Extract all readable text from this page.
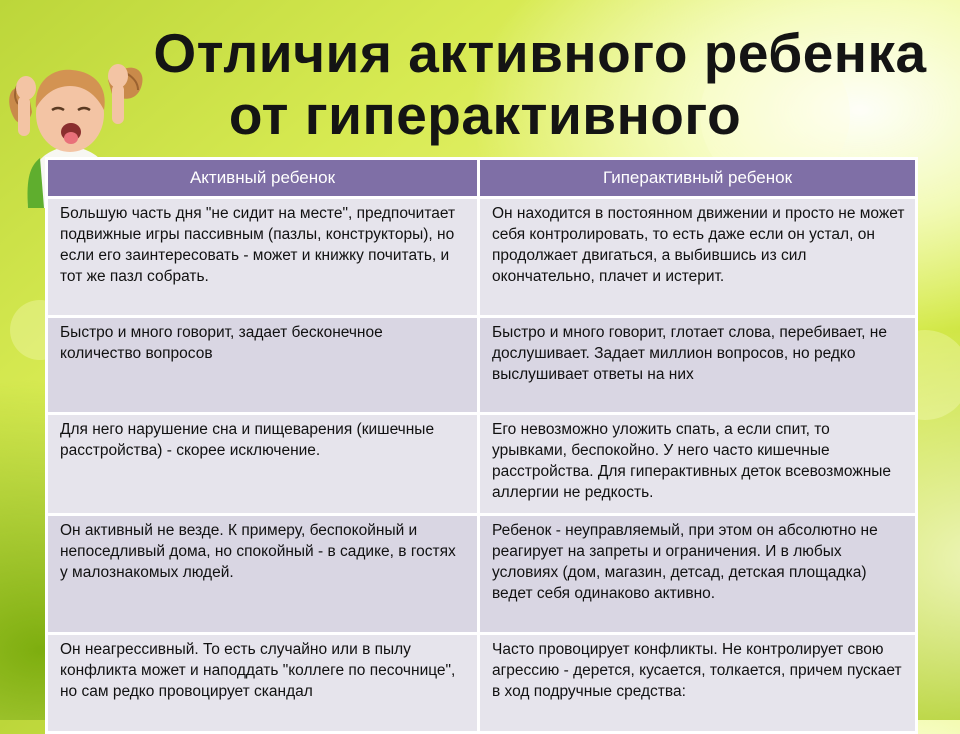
Отличия активного ребенка
от гиперактивного
Активный ребенок	Гиперактивный ребенок
Большую часть дня "не сидит на месте", предпочитает подвижные игры пассивным (пазлы, конструкторы), но если его заинтересовать - может и книжку почитать, и тот же пазл собрать.	Он находится в постоянном движении и просто не может себя контролировать, то есть даже если он устал, он продолжает двигаться, а выбившись из сил окончательно, плачет и истерит.
Быстро и много говорит, задает бесконечное количество вопросов	Быстро и много говорит, глотает слова, перебивает, не дослушивает. Задает миллион вопросов, но редко выслушивает ответы на них
Для него нарушение сна и пищеварения (кишечные расстройства) - скорее исключение.	Его невозможно уложить спать, а если спит, то урывками, беспокойно. У него часто кишечные расстройства. Для гиперактивных деток всевозможные аллергии не редкость.
Он активный не везде. К примеру, беспокойный и непоседливый дома, но спокойный - в садике, в гостях у малознакомых людей.	Ребенок - неуправляемый, при этом он абсолютно не реагирует на запреты и ограничения. И в любых условиях (дом, магазин, детсад, детская площадка) ведет себя одинаково активно.
Он неагрессивный. То есть случайно или в пылу конфликта может и наподдать "коллеге по песочнице", но сам редко провоцирует скандал	Часто провоцирует конфликты. Не контролирует свою агрессию - дерется, кусается, толкается, причем пускает в ход подручные средства:
